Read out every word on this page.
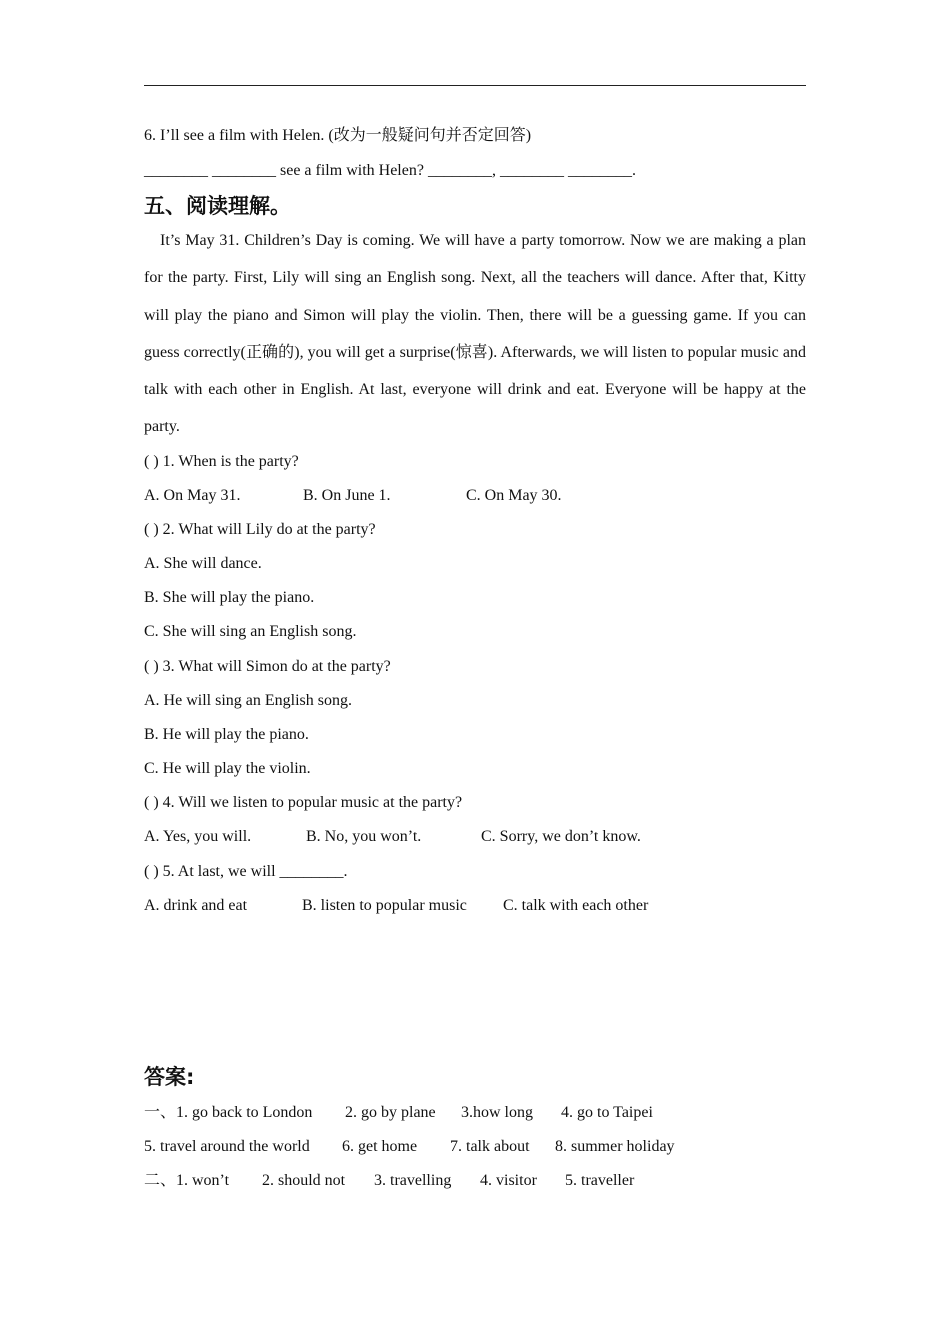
6. I’ll see a film with Helen. (改为一般疑问句并否定回答)
________ ________ see a film with Helen? ________, ________ ________.
五、阅读理解。
It’s May 31. Children’s Day is coming. We will have a party tomorrow. Now we are making a plan for the party. First, Lily will sing an English song. Next, all the teachers will dance. After that, Kitty will play the piano and Simon will play the violin. Then, there will be a guessing game. If you can guess correctly(正确的), you will get a surprise(惊喜). Afterwards, we will listen to popular music and talk with each other in English. At last, everyone will drink and eat. Everyone will be happy at the party.
( ) 1. When is the party?
A. On May 31.	B. On June 1.	C. On May 30.
( ) 2. What will Lily do at the party?
A. She will dance.
B. She will play the piano.
C. She will sing an English song.
( ) 3. What will Simon do at the party?
A. He will sing an English song.
B. He will play the piano.
C. He will play the violin.
( ) 4. Will we listen to popular music at the party?
A. Yes, you will.	B. No, you won’t.	C. Sorry, we don’t know.
( ) 5. At last, we will ________.
A. drink and eat	B. listen to popular music C. talk with each other
答案:
一、1. go back to London 2. go by plane 3.how long 4. go to Taipei
5. travel around the world 6. get home 7. talk about 8. summer holiday
二、1. won’t 2. should not 3. travelling 4. visitor 5. traveller
